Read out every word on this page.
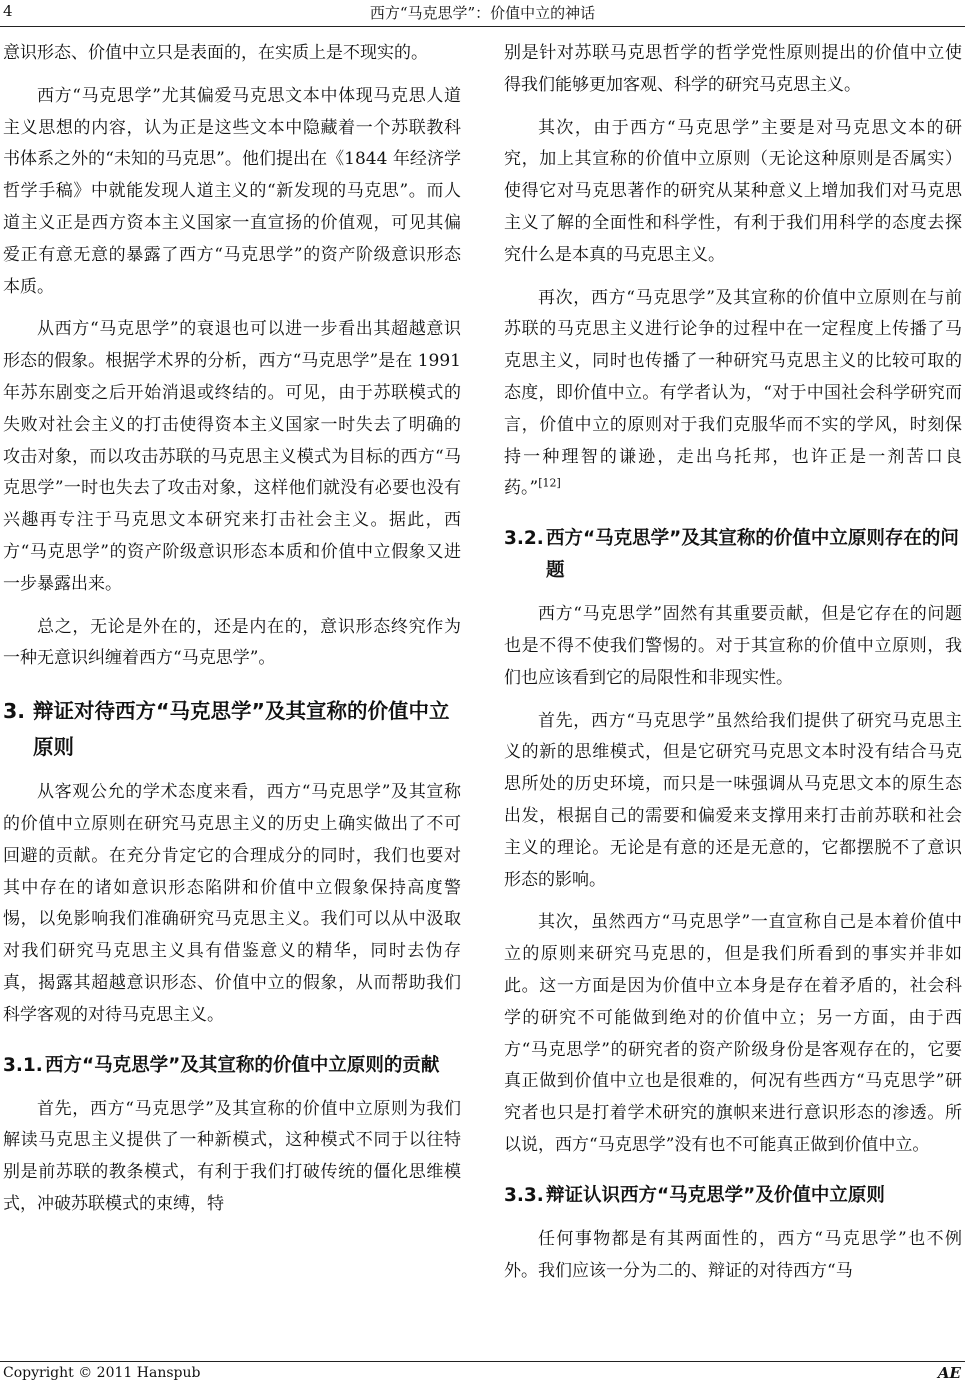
4	西方“马克思学”：价值中立的神话

意识形态、价值中立只是表面的，在实质上是不现实的。

西方“马克思学”尤其偏爱马克思文本中体现马克思人道主义思想的内容，认为正是这些文本中隐藏着一个苏联教科书体系之外的“未知的马克思”。他们提出在《1844 年经济学哲学手稿》中就能发现人道主义的“新发现的马克思”。而人道主义正是西方资本主义国家一直宣扬的价值观，可见其偏爱正有意无意的暴露了西方“马克思学”的资产阶级意识形态本质。

从西方“马克思学”的衰退也可以进一步看出其超越意识形态的假象。根据学术界的分析，西方“马克思学”是在 1991 年苏东剧变之后开始消退或终结的。可见，由于苏联模式的失败对社会主义的打击使得资本主义国家一时失去了明确的攻击对象，而以攻击苏联的马克思主义模式为目标的西方“马克思学”一时也失去了攻击对象，这样他们就没有必要也没有兴趣再专注于马克思文本研究来打击社会主义。据此，西方“马克思学”的资产阶级意识形态本质和价值中立假象又进一步暴露出来。

总之，无论是外在的，还是内在的，意识形态终究作为一种无意识纠缠着西方“马克思学”。

3. 辩证对待西方“马克思学”及其宣称的价值中立原则

从客观公允的学术态度来看，西方“马克思学”及其宣称的价值中立原则在研究马克思主义的历史上确实做出了不可回避的贡献。在充分肯定它的合理成分的同时，我们也要对其中存在的诸如意识形态陷阱和价值中立假象保持高度警惕，以免影响我们准确研究马克思主义。我们可以从中汲取对我们研究马克思主义具有借鉴意义的精华，同时去伪存真，揭露其超越意识形态、价值中立的假象，从而帮助我们科学客观的对待马克思主义。

3.1. 西方“马克思学”及其宣称的价值中立原则的贡献

首先，西方“马克思学”及其宣称的价值中立原则为我们解读马克思主义提供了一种新模式，这种模式不同于以往特别是前苏联的教条模式，有利于我们打破传统的僵化思维模式，冲破苏联模式的束缚，特

别是针对苏联马克思哲学的哲学党性原则提出的价值中立使得我们能够更加客观、科学的研究马克思主义。

其次，由于西方“马克思学”主要是对马克思文本的研究，加上其宣称的价值中立原则（无论这种原则是否属实）使得它对马克思著作的研究从某种意义上增加我们对马克思主义了解的全面性和科学性，有利于我们用科学的态度去探究什么是本真的马克思主义。

再次，西方“马克思学”及其宣称的价值中立原则在与前苏联的马克思主义进行论争的过程中在一定程度上传播了马克思主义，同时也传播了一种研究马克思主义的比较可取的态度，即价值中立。有学者认为，“对于中国社会科学研究而言，价值中立的原则对于我们克服华而不实的学风，时刻保持一种理智的谦逊，走出乌托邦，也许正是一剂苦口良药。”[12]

3.2. 西方“马克思学”及其宣称的价值中立原则存在的问题

西方“马克思学”固然有其重要贡献，但是它存在的问题也是不得不使我们警惕的。对于其宣称的价值中立原则，我们也应该看到它的局限性和非现实性。

首先，西方“马克思学”虽然给我们提供了研究马克思主义的新的思维模式，但是它研究马克思文本时没有结合马克思所处的历史环境，而只是一味强调从马克思文本的原生态出发，根据自己的需要和偏爱来支撑用来打击前苏联和社会主义的理论。无论是有意的还是无意的，它都摆脱不了意识形态的影响。

其次，虽然西方“马克思学”一直宣称自己是本着价值中立的原则来研究马克思的，但是我们所看到的事实并非如此。这一方面是因为价值中立本身是存在着矛盾的，社会科学的研究不可能做到绝对的价值中立；另一方面，由于西方“马克思学”的研究者的资产阶级身份是客观存在的，它要真正做到价值中立也是很难的，何况有些西方“马克思学”研究者也只是打着学术研究的旗帜来进行意识形态的渗透。所以说，西方“马克思学”没有也不可能真正做到价值中立。

3.3. 辩证认识西方“马克思学”及价值中立原则

任何事物都是有其两面性的，西方“马克思学”也不例外。我们应该一分为二的、辩证的对待西方“马

Copyright © 2011 Hanspub	AE
